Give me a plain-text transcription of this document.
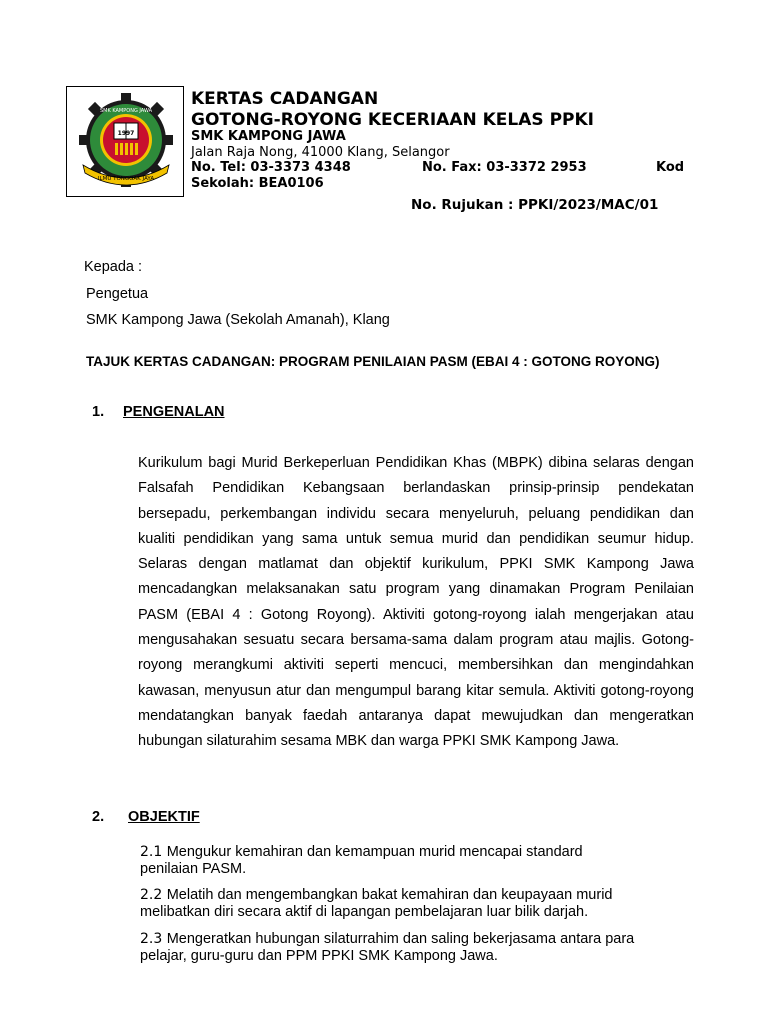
SMK KAMPONG JAWA
1997
ILMU TONGGAK JAYA
KERTAS CADANGAN
GOTONG-ROYONG KECERIAAN KELAS PPKI
SMK KAMPONG JAWA
Jalan Raja Nong, 41000 Klang, Selangor
No. Tel: 03-3373 4348	No. Fax: 03-3372 2953	Kod
Sekolah: BEA0106
No. Rujukan : PPKI/2023/MAC/01
Kepada :
Pengetua
SMK Kampong Jawa (Sekolah Amanah), Klang
TAJUK KERTAS CADANGAN: PROGRAM PENILAIAN PASM (EBAI 4 : GOTONG ROYONG)
1. PENGENALAN

Kurikulum bagi Murid Berkeperluan Pendidikan Khas (MBPK) dibina selaras dengan Falsafah Pendidikan Kebangsaan berlandaskan prinsip-prinsip pendekatan bersepadu, perkembangan individu secara menyeluruh, peluang pendidikan dan kualiti pendidikan yang sama untuk semua murid dan pendidikan seumur hidup. Selaras dengan matlamat dan objektif kurikulum, PPKI SMK Kampong Jawa mencadangkan melaksanakan satu program yang dinamakan Program Penilaian PASM (EBAI 4 : Gotong Royong). Aktiviti gotong-royong ialah mengerjakan atau mengusahakan sesuatu secara bersama-sama dalam program atau majlis. Gotong-royong merangkumi aktiviti seperti mencuci, membersihkan dan mengindahkan kawasan, menyusun atur dan mengumpul barang kitar semula. Aktiviti gotong-royong mendatangkan banyak faedah antaranya dapat mewujudkan dan mengeratkan hubungan silaturahim sesama MBK dan warga PPKI SMK Kampong Jawa.

2. OBJEKTIF
2.1 Mengukur kemahiran dan kemampuan murid mencapai standard
penilaian PASM.
2.2 Melatih dan mengembangkan bakat kemahiran dan keupayaan murid
melibatkan diri secara aktif di lapangan pembelajaran luar bilik darjah.
2.3 Mengeratkan hubungan silaturrahim dan saling bekerjasama antara para
pelajar, guru-guru dan PPM PPKI SMK Kampong Jawa.
